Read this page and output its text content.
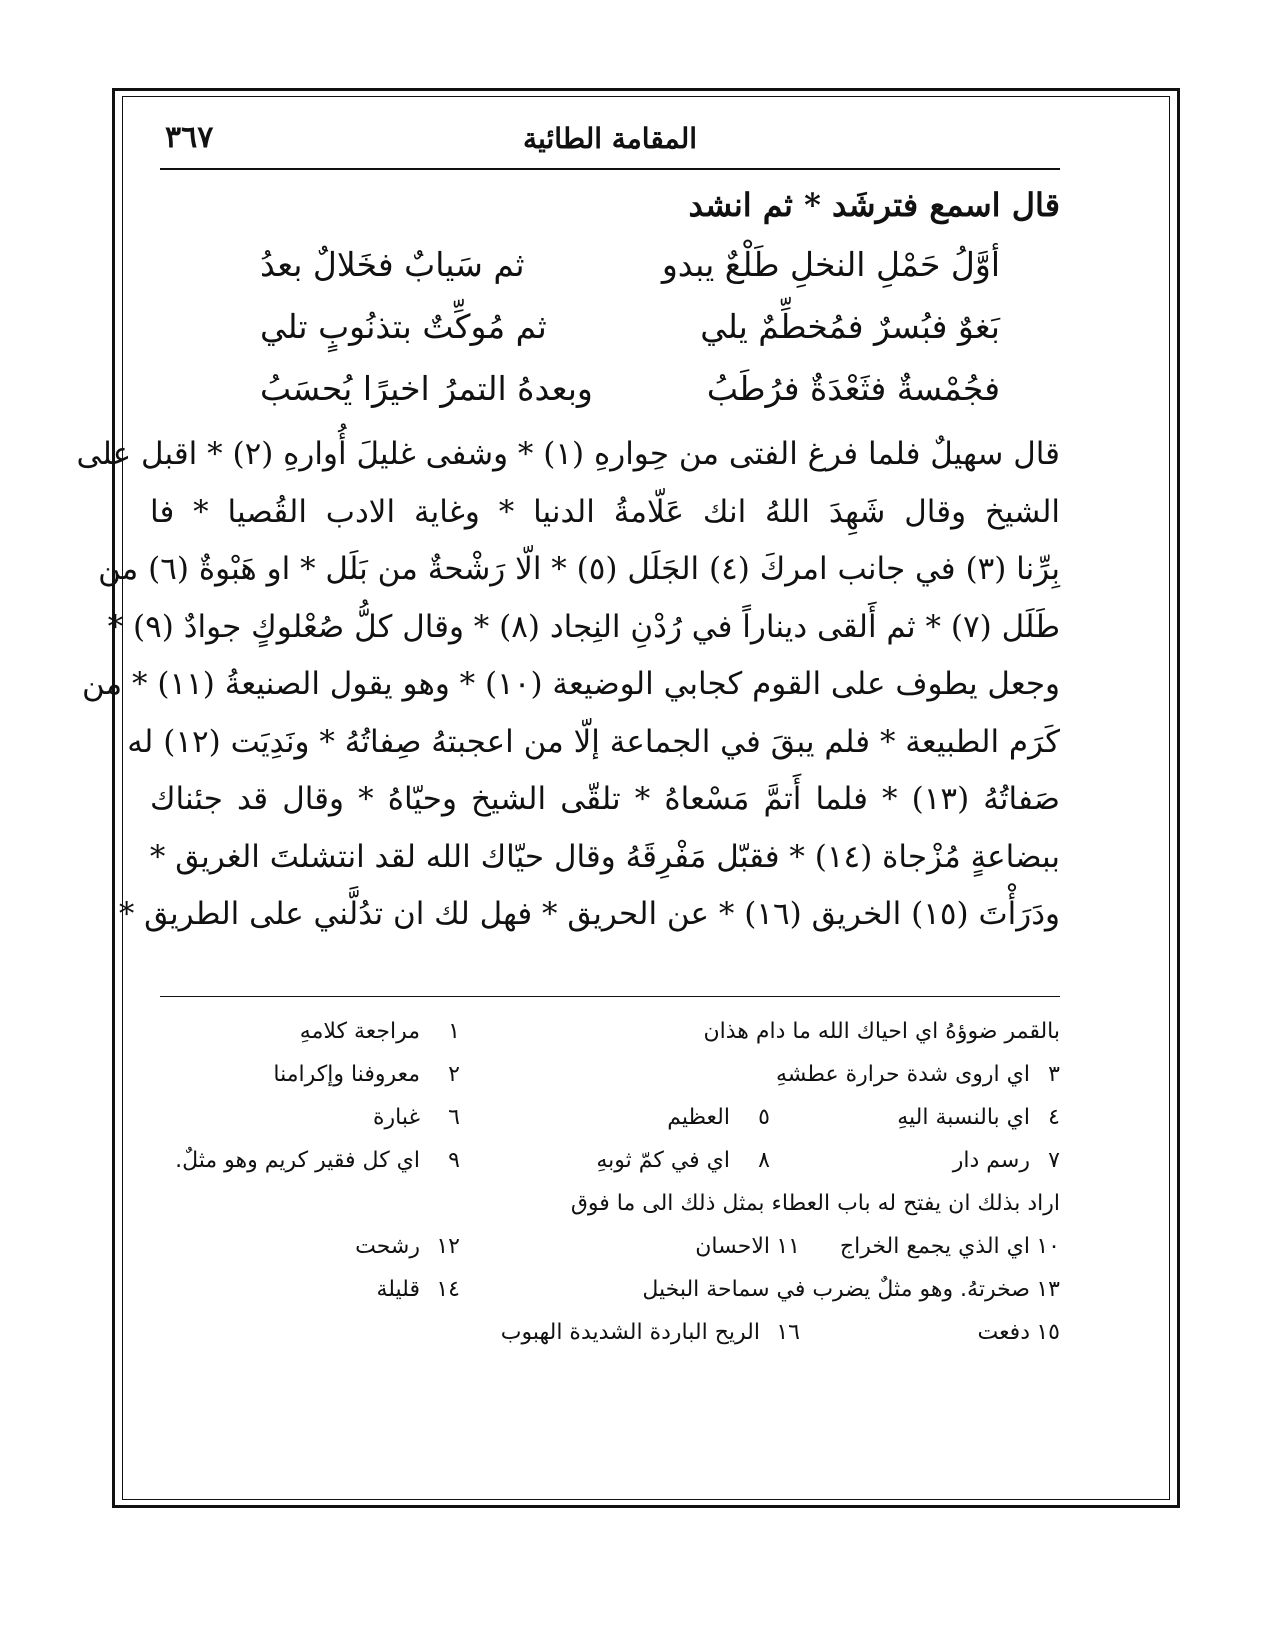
٣٦٧	المقامة الطائية

قال اسمع فترشَد * ثم انشد

أوَّلُ حَمْلِ النخلِ طَلْعٌ يبدو
ثم سَيابٌ فخَلالٌ بعدُ
بَغوٌ فبُسرٌ فمُخطِّمٌ يلي
ثم مُوكِّتٌ بتذنُوبٍ تلي
فجُمْسةٌ فثَعْدَةٌ فرُطَبُ
وبعدهُ التمرُ اخيرًا يُحسَبُ
قال سهيلٌ فلما فرغ الفتى من حِوارهِ (١) * وشفى غليلَ أُوارهِ (٢) * اقبل على
الشيخ وقال شَهِدَ اللهُ انك عَلّامةُ الدنيا * وغاية الادب القُصيا * فا
بِرِّنا (٣) في جانب امركَ (٤) الجَلَل (٥) * الّا رَشْحةٌ من بَلَل * او هَبْوةٌ (٦) من
طَلَل (٧) * ثم أَلقى ديناراً في رُدْنِ النِجاد (٨) * وقال كلُّ صُعْلوكٍ جوادٌ (٩) *
وجعل يطوف على القوم كجابي الوضيعة (١٠) * وهو يقول الصنيعةُ (١١) * من
كَرَم الطبيعة * فلم يبقَ في الجماعة إلّا من اعجبتهُ صِفاتُهُ * ونَدِيَت (١٢) له
صَفاتُهُ (١٣) * فلما أَتمَّ مَسْعاهُ * تلقّى الشيخ وحيّاهُ * وقال قد جئناك
ببضاعةٍ مُزْجاة (١٤) * فقبّل مَفْرِقَهُ وقال حيّاك الله لقد انتشلتَ الغريق *
ودَرَأْتَ (١٥) الخريق (١٦) * عن الحريق * فهل لك ان تدُلَّني على الطريق *
بالقمر ضوؤهُ اي احياك الله ما دام هذان
١
مراجعة كلامهِ
٣
اي اروى شدة حرارة عطشهِ
٢
معروفنا وإكرامنا
٤
اي بالنسبة اليهِ
٥
العظيم
٦
غبارة
٧
رسم دار
٨
اي في كمّ ثوبهِ
٩
اي كل فقير كريم وهو مثلٌ.
اراد بذلك ان يفتح له باب العطاء بمثل ذلك الى ما فوق
١٠
اي الذي يجمع الخراج
١١
الاحسان
١٢
رشحت
١٣
صخرتهُ. وهو مثلٌ يضرب في سماحة البخيل
١٤
قليلة
١٥
دفعت
١٦
الريح الباردة الشديدة الهبوب
